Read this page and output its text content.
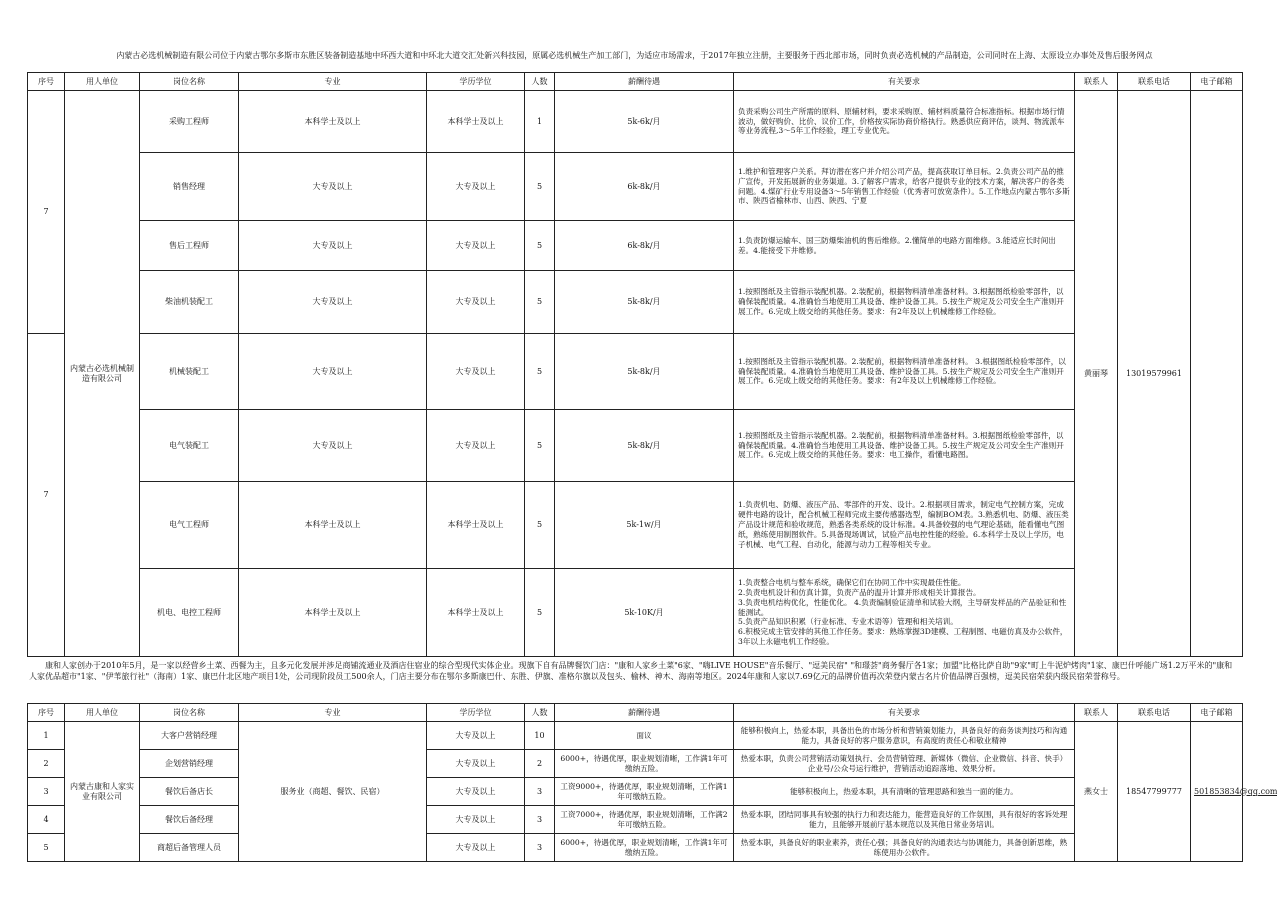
内蒙古必选机械制造有限公司位于内蒙古鄂尔多斯市东胜区装备制造基地中环西大道和中环北大道交汇处新兴科技园，原属必选机械生产加工部门，为适应市场需求，于2017年独立注册，主要服务于西北部市场，同时负责必选机械的产品制造，公司同时在上海、太原设立办事处及售后服务网点
序号	用人单位	岗位名称	专业	学历学位	人数	薪酬待遇	有关要求	联系人	联系电话	电子邮箱
7	内蒙古必选机械制造有限公司	采购工程师	本科学士及以上	本科学士及以上	1	5k-6k/月	负责采购公司生产所需的原料、原辅材料，要求采购原、辅材料质量符合标准指标。根据市场行情波动，做好购价、比价、议价工作，价格按实际协商价格执行。熟悉供应商评估，谈判、物流派车等业务流程,3～5年工作经验，理工专业优先。	黄丽琴	13019579961	
		销售经理	大专及以上	大专及以上	5	6k-8k/月	1.维护和管理客户关系。拜访潜在客户并介绍公司产品，提高获取订单目标。2.负责公司产品的推广宣传，开发拓展新的业务渠道。3.了解客户需求，给客户提供专业的技术方案，解决客户的各类问题。4.煤矿行业专用设备3～5年销售工作经验（优秀者可放宽条件）。5.工作地点内蒙古鄂尔多斯市、陕西省榆林市、山西、陕西、宁夏			
		售后工程师	大专及以上	大专及以上	5	6k-8k/月	1.负责防爆运输车、国三防爆柴油机的售后维修。2.懂简单的电路方面维修。3.能适应长时间出差。4.能接受下井维修。			
		柴油机装配工	大专及以上	大专及以上	5	5k-8k/月	1.按照图纸及主管指示装配机器。2.装配前，根据物料清单准备材料。3.根据图纸检验零部件，以确保装配质量。4.准确恰当地使用工具设备、维护设备工具。5.按生产规定及公司安全生产准则开展工作。6.完成上级交给的其他任务。要求：有2年及以上机械维修工作经验。			
7		机械装配工	大专及以上	大专及以上	5	5k-8k/月	1.按照图纸及主管指示装配机器。2.装配前，根据物料清单准备材料。 3.根据图纸检验零部件，以确保装配质量。4.准确恰当地使用工具设备、维护设备工具。5.按生产规定及公司安全生产准则开展工作。6.完成上级交给的其他任务。要求：有2年及以上机械维修工作经验。			
		电气装配工	大专及以上	大专及以上	5	5k-8k/月	1.按照图纸及主管指示装配机器。2.装配前，根据物料清单准备材料。3.根据图纸检验零部件，以确保装配质量。4.准确恰当地使用工具设备、维护设备工具。5.按生产规定及公司安全生产准则开展工作。6.完成上级交给的其他任务。要求：电工操作，看懂电路图。			
		电气工程师	本科学士及以上	本科学士及以上	5	5k-1w/月	1.负责机电、防爆、液压产品、零部件的开发、设计。2.根据项目需求，制定电气控制方案，完成硬件电路的设计，配合机械工程师完成主要传感器选型，编制BOM表。3.熟悉机电、防爆、液压类产品设计规范和验收规范，熟悉各类系统的设计标准。4.具备较强的电气理论基础，能看懂电气图纸，熟练使用制图软件。5.具备现场调试，试验产品电控性能的经验。6.本科学士及以上学历，电子机械、电气工程、自动化，能源与动力工程等相关专业。			
		机电、电控工程师	本科学士及以上	本科学士及以上	5	5k-10K/月	1.负责整合电机与整车系统，确保它们在协同工作中实现最佳性能。
2.负责电机设计和仿真计算，负责产品的温升计算并形成相关计算报告。
3.负责电机结构优化，性能优化。 4.负责编制验证清单和试验大纲，主导研发样品的产品验证和性能测试。
5.负责产品知识积累（行业标准、专业术语等）管理和相关培训。
6.积极完成主管安排的其他工作任务。要求：熟练掌握3D建模、工程制图、电磁仿真及办公软件，3年以上永磁电机工作经验。			
康和人家创办于2010年5月，是一家以经营乡土菜、西餐为主，且多元化发展并涉足商铺流通业及酒店住宿业的综合型现代实体企业。现旗下自有品牌餐饮门店："康和人家乡土菜"6家、"嗨LIVE HOUSE"音乐餐厅、"逗美民宿" "和璟荟"商务餐厅各1家；加盟"比格比萨自助"9家"町上牛泥炉烤肉"1家、康巴什呼能广场1.2万平米的"康和人家优品超市"1家、"伊苇旅行社"（海南）1家、康巴什北区地产项目1处，公司现阶段员工500余人，门店主要分布在鄂尔多斯康巴什、东胜、伊旗、准格尔旗以及包头、榆林、神木、海南等地区。2024年康和人家以7.69亿元的品牌价值再次荣登内蒙古名片价值品牌百强榜，逗美民宿荣获内级民宿荣誉称号。
序号	用人单位	岗位名称	专业	学历学位	人数	薪酬待遇	有关要求	联系人	联系电话	电子邮箱
1	内蒙古康和人家实业有限公司	大客户营销经理	服务业（商超、餐饮、民宿）	大专及以上	10	面议	能够积极向上，热爱本职，具备出色的市场分析和营销策划能力，具备良好的商务谈判技巧和沟通能力，具备良好的客户服务意识，有高度的责任心和敬业精神	燕女士	18547799777	501853834@qq.com
2		企划营销经理		大专及以上	2	6000+，待遇优厚，职业规划清晰，工作满1年可缴纳五险。	热爱本职，负责公司营销活动策划执行、会员营销管理、新媒体（微信、企业微信、抖音、快手）企业号/公众号运行维护，营销活动追踪落地、效果分析。			
3		餐饮后备店长		大专及以上	3	工资9000+，待遇优厚，职业规划清晰，工作满1年可缴纳五险。	能够积极向上，热爱本职，具有清晰的管理思路和独当一面的能力。			
4		餐饮后备经理		大专及以上	3	工资7000+，待遇优厚，职业规划清晰，工作满2年可缴纳五险。	热爱本职，团结同事具有较强的执行力和表达能力，能营造良好的工作氛围，具有很好的客诉处理能力，且能够开展前厅基本规范以及其他日常业务培训。			
5		商超后备管理人员		大专及以上	3	6000+，待遇优厚，职业规划清晰，工作满1年可缴纳五险。	热爱本职，具备良好的职业素养，责任心强；具备良好的沟通表达与协调能力，具备创新思维，熟练使用办公软件。			
